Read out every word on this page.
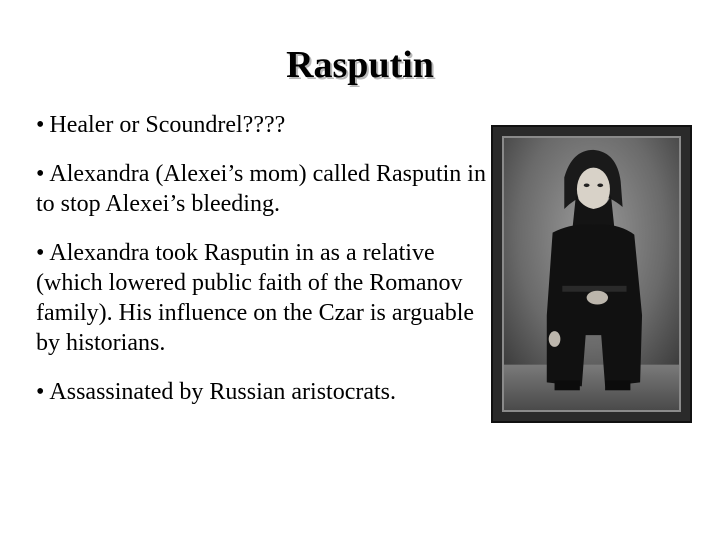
Rasputin
• Healer or Scoundrel????
• Alexandra (Alexei’s mom) called Rasputin in to stop Alexei’s bleeding.
• Alexandra took Rasputin in as a relative (which lowered public faith of the Romanov family). His influence on the Czar is arguable by historians.
• Assassinated by Russian aristocrats.
